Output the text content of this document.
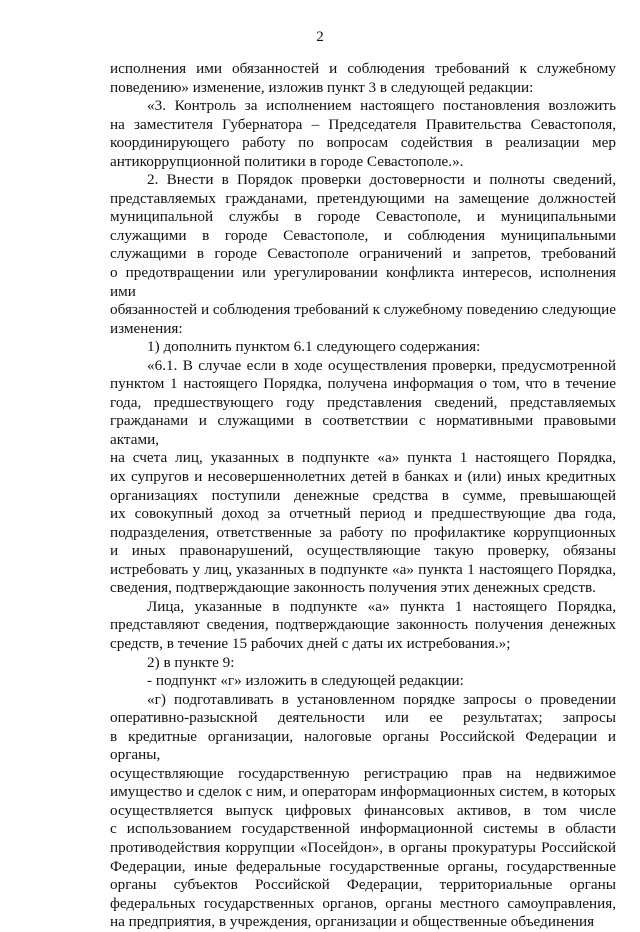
2
исполнения ими обязанностей и соблюдения требований к служебному
поведению» изменение, изложив пункт 3 в следующей редакции:
«3. Контроль за исполнением настоящего постановления возложить
на заместителя Губернатора – Председателя Правительства Севастополя,
координирующего работу по вопросам содействия в реализации мер
антикоррупционной политики в городе Севастополе.».
2. Внести в Порядок проверки достоверности и полноты сведений,
представляемых гражданами, претендующими на замещение должностей
муниципальной службы в городе Севастополе, и муниципальными
служащими в городе Севастополе, и соблюдения муниципальными
служащими в городе Севастополе ограничений и запретов, требований
о предотвращении или урегулировании конфликта интересов, исполнения ими
обязанностей и соблюдения требований к служебному поведению следующие
изменения:
1) дополнить пунктом 6.1 следующего содержания:
«6.1. В случае если в ходе осуществления проверки, предусмотренной
пунктом 1 настоящего Порядка, получена информация о том, что в течение
года, предшествующего году представления сведений, представляемых
гражданами и служащими в соответствии с нормативными правовыми актами,
на счета лиц, указанных в подпункте «а» пункта 1 настоящего Порядка,
их супругов и несовершеннолетних детей в банках и (или) иных кредитных
организациях поступили денежные средства в сумме, превышающей
их совокупный доход за отчетный период и предшествующие два года,
подразделения, ответственные за работу по профилактике коррупционных
и иных правонарушений, осуществляющие такую проверку, обязаны
истребовать у лиц, указанных в подпункте «а» пункта 1 настоящего Порядка,
сведения, подтверждающие законность получения этих денежных средств.
Лица, указанные в подпункте «а» пункта 1 настоящего Порядка,
представляют сведения, подтверждающие законность получения денежных
средств, в течение 15 рабочих дней с даты их истребования.»;
2) в пункте 9:
- подпункт «г» изложить в следующей редакции:
«г) подготавливать в установленном порядке запросы о проведении
оперативно-разыскной деятельности или ее результатах; запросы
в кредитные организации, налоговые органы Российской Федерации и органы,
осуществляющие государственную регистрацию прав на недвижимое
имущество и сделок с ним, и операторам информационных систем, в которых
осуществляется выпуск цифровых финансовых активов, в том числе
с использованием государственной информационной системы в области
противодействия коррупции «Посейдон», в органы прокуратуры Российской
Федерации, иные федеральные государственные органы, государственные
органы субъектов Российской Федерации, территориальные органы
федеральных государственных органов, органы местного самоуправления,
на предприятия, в учреждения, организации и общественные объединения
